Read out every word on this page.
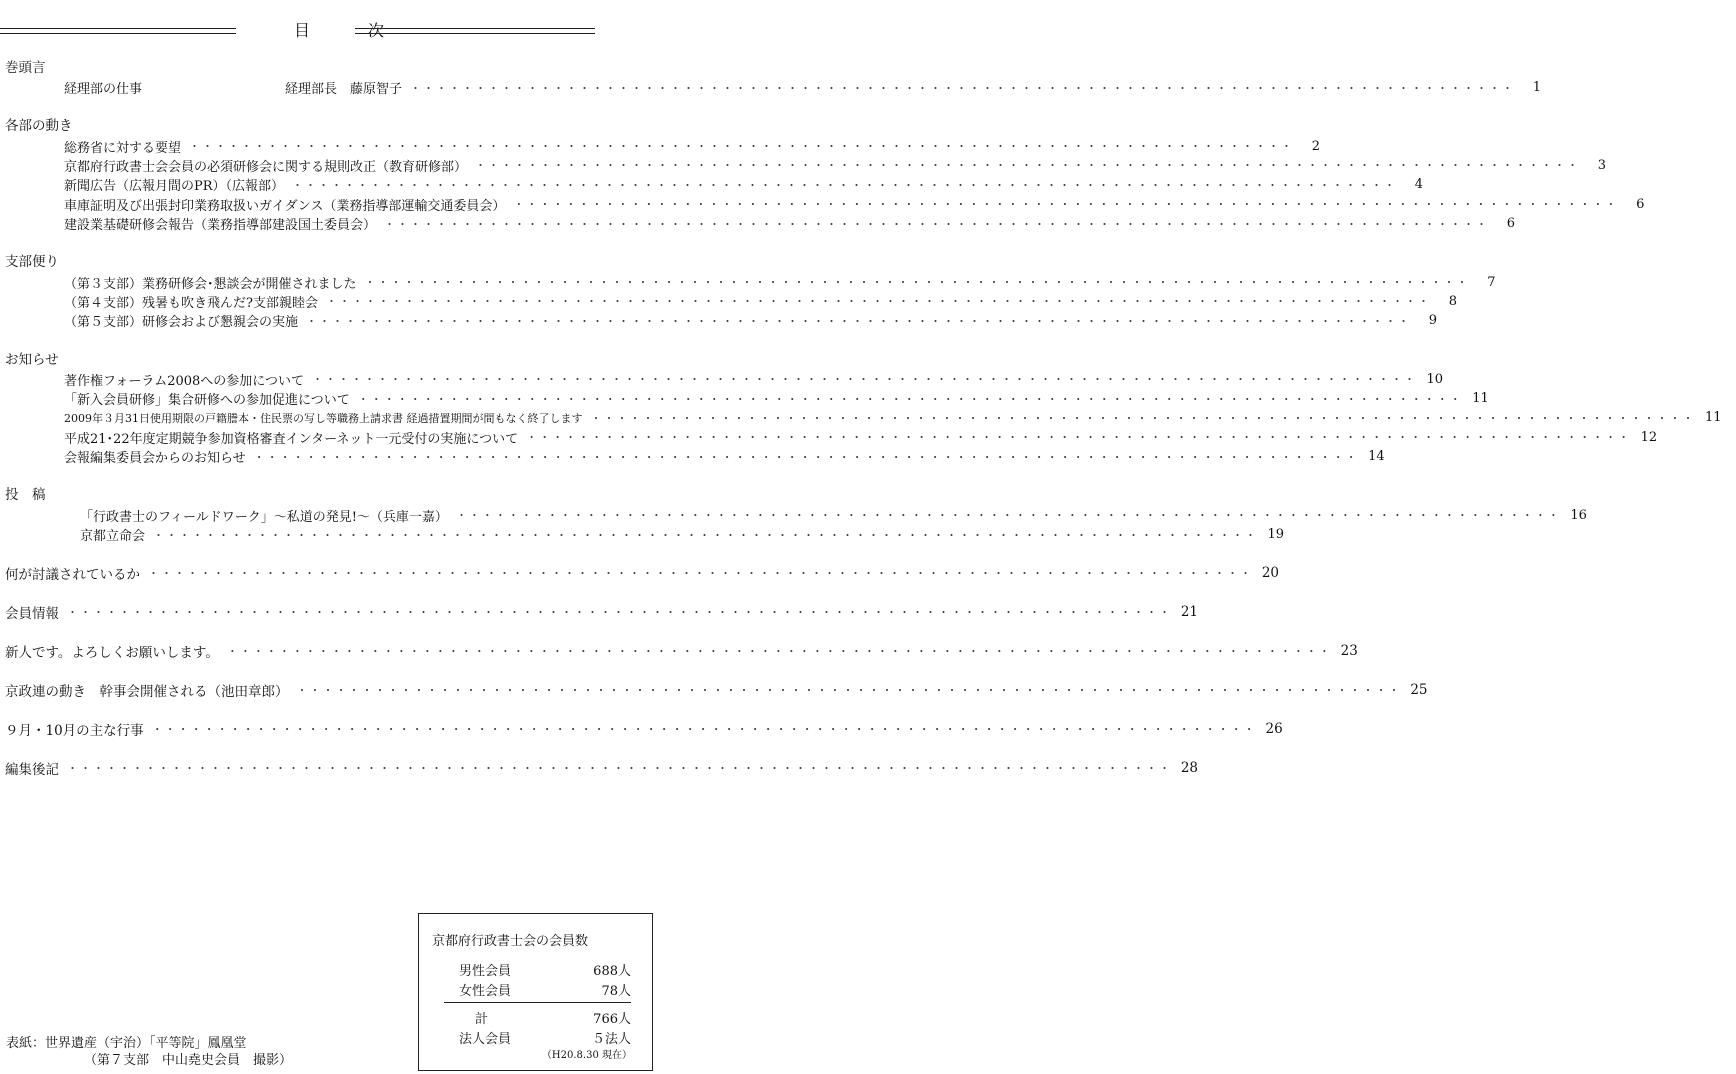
目次
巻頭言
経理部の仕事　　　　　　　　　　　経理部長　藤原智子 ・・・・・・・・・・・・・・・・・・・・・・・・・・・・・・・・・・・・・・・・・・・・・・・・・・・・・・・・・・・・・・・・・・・・・・・・・・・・・・・・・・・・・	1
各部の動き
総務省に対する要望 ・・・・・・・・・・・・・・・・・・・・・・・・・・・・・・・・・・・・・・・・・・・・・・・・・・・・・・・・・・・・・・・・・・・・・・・・・・・・・・・・・・・・・	2
京都府行政書士会会員の必須研修会に関する規則改正（教育研修部） ・・・・・・・・・・・・・・・・・・・・・・・・・・・・・・・・・・・・・・・・・・・・・・・・・・・・・・・・・・・・・・・・・・・・・・・・・・・・・・・・・・・・・	3
新聞広告（広報月間のPR）（広報部） ・・・・・・・・・・・・・・・・・・・・・・・・・・・・・・・・・・・・・・・・・・・・・・・・・・・・・・・・・・・・・・・・・・・・・・・・・・・・・・・・・・・・・	4
車庫証明及び出張封印業務取扱いガイダンス（業務指導部運輸交通委員会） ・・・・・・・・・・・・・・・・・・・・・・・・・・・・・・・・・・・・・・・・・・・・・・・・・・・・・・・・・・・・・・・・・・・・・・・・・・・・・・・・・・・・・	6
建設業基礎研修会報告（業務指導部建設国土委員会） ・・・・・・・・・・・・・・・・・・・・・・・・・・・・・・・・・・・・・・・・・・・・・・・・・・・・・・・・・・・・・・・・・・・・・・・・・・・・・・・・・・・・・	6
支部便り
（第３支部）業務研修会･懇談会が開催されました ・・・・・・・・・・・・・・・・・・・・・・・・・・・・・・・・・・・・・・・・・・・・・・・・・・・・・・・・・・・・・・・・・・・・・・・・・・・・・・・・・・・・・	7
（第４支部）残暑も吹き飛んだ?支部親睦会 ・・・・・・・・・・・・・・・・・・・・・・・・・・・・・・・・・・・・・・・・・・・・・・・・・・・・・・・・・・・・・・・・・・・・・・・・・・・・・・・・・・・・・	8
（第５支部）研修会および懇親会の実施 ・・・・・・・・・・・・・・・・・・・・・・・・・・・・・・・・・・・・・・・・・・・・・・・・・・・・・・・・・・・・・・・・・・・・・・・・・・・・・・・・・・・・・	9
お知らせ
著作権フォーラム2008への参加について ・・・・・・・・・・・・・・・・・・・・・・・・・・・・・・・・・・・・・・・・・・・・・・・・・・・・・・・・・・・・・・・・・・・・・・・・・・・・・・・・・・・・・	10
「新入会員研修」集合研修への参加促進について ・・・・・・・・・・・・・・・・・・・・・・・・・・・・・・・・・・・・・・・・・・・・・・・・・・・・・・・・・・・・・・・・・・・・・・・・・・・・・・・・・・・・・	11
2009年３月31日使用期限の戸籍謄本・住民票の写し等職務上請求書 経過措置期間が間もなく終了します ・・・・・・・・・・・・・・・・・・・・・・・・・・・・・・・・・・・・・・・・・・・・・・・・・・・・・・・・・・・・・・・・・・・・・・・・・・・・・・・・・・・・・	11
平成21･22年度定期競争参加資格審査インターネット一元受付の実施について ・・・・・・・・・・・・・・・・・・・・・・・・・・・・・・・・・・・・・・・・・・・・・・・・・・・・・・・・・・・・・・・・・・・・・・・・・・・・・・・・・・・・・	12
会報編集委員会からのお知らせ ・・・・・・・・・・・・・・・・・・・・・・・・・・・・・・・・・・・・・・・・・・・・・・・・・・・・・・・・・・・・・・・・・・・・・・・・・・・・・・・・・・・・・	14
投　稿
「行政書士のフィールドワーク」～私道の発見!～（兵庫一嘉） ・・・・・・・・・・・・・・・・・・・・・・・・・・・・・・・・・・・・・・・・・・・・・・・・・・・・・・・・・・・・・・・・・・・・・・・・・・・・・・・・・・・・・	16
京都立命会 ・・・・・・・・・・・・・・・・・・・・・・・・・・・・・・・・・・・・・・・・・・・・・・・・・・・・・・・・・・・・・・・・・・・・・・・・・・・・・・・・・・・・・	19
何が討議されているか ・・・・・・・・・・・・・・・・・・・・・・・・・・・・・・・・・・・・・・・・・・・・・・・・・・・・・・・・・・・・・・・・・・・・・・・・・・・・・・・・・・・・・	20
会員情報 ・・・・・・・・・・・・・・・・・・・・・・・・・・・・・・・・・・・・・・・・・・・・・・・・・・・・・・・・・・・・・・・・・・・・・・・・・・・・・・・・・・・・・	21
新人です。よろしくお願いします。 ・・・・・・・・・・・・・・・・・・・・・・・・・・・・・・・・・・・・・・・・・・・・・・・・・・・・・・・・・・・・・・・・・・・・・・・・・・・・・・・・・・・・・	23
京政連の動き　幹事会開催される（池田章郎） ・・・・・・・・・・・・・・・・・・・・・・・・・・・・・・・・・・・・・・・・・・・・・・・・・・・・・・・・・・・・・・・・・・・・・・・・・・・・・・・・・・・・・	25
９月・10月の主な行事 ・・・・・・・・・・・・・・・・・・・・・・・・・・・・・・・・・・・・・・・・・・・・・・・・・・・・・・・・・・・・・・・・・・・・・・・・・・・・・・・・・・・・・	26
編集後記 ・・・・・・・・・・・・・・・・・・・・・・・・・・・・・・・・・・・・・・・・・・・・・・・・・・・・・・・・・・・・・・・・・・・・・・・・・・・・・・・・・・・・・	28
京都府行政書士会の会員数
男性会員	688人
女性会員	78人
計	766人
法人会員	５法人
（H20.8.30 現在）
表紙：世界遺産（宇治）「平等院」鳳凰堂
（第７支部　中山堯史会員　撮影）
